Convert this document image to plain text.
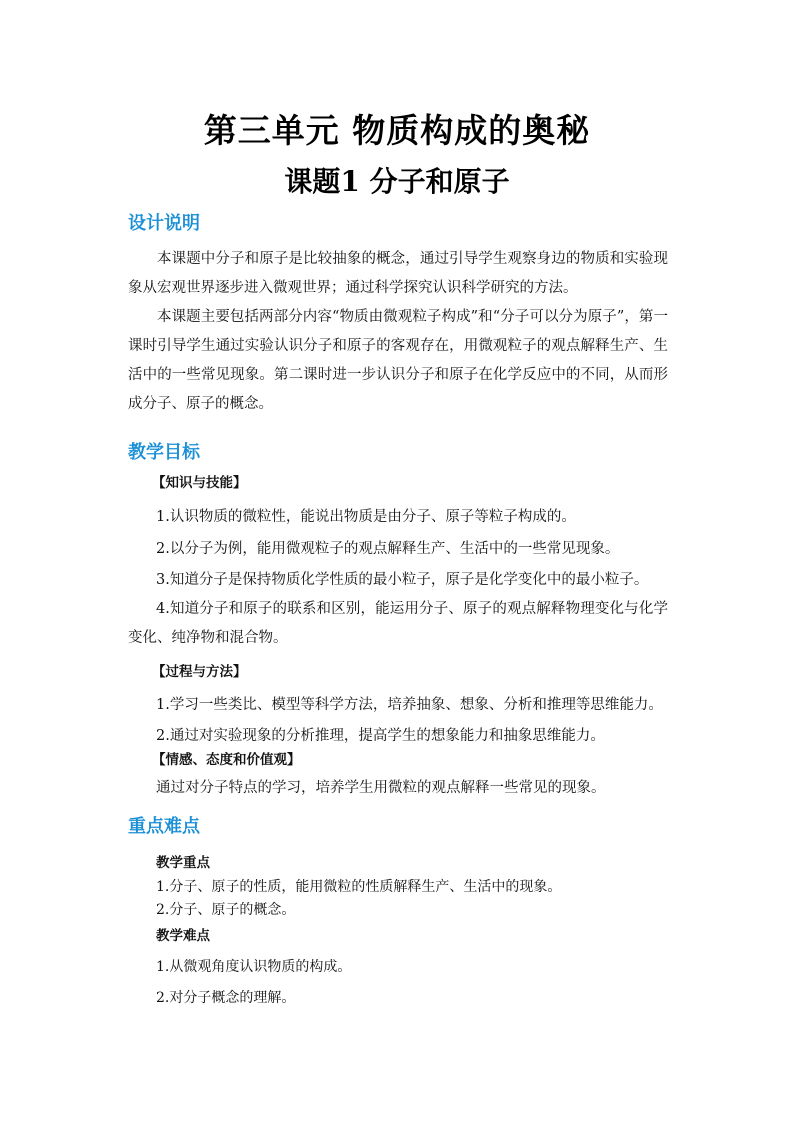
第三单元 物质构成的奥秘
课题1 分子和原子
设计说明

本课题中分子和原子是比较抽象的概念，通过引导学生观察身边的物质和实验现象从宏观世界逐步进入微观世界；通过科学探究认识科学研究的方法。

本课题主要包括两部分内容“物质由微观粒子构成”和“分子可以分为原子”，第一课时引导学生通过实验认识分子和原子的客观存在，用微观粒子的观点解释生产、生活中的一些常见现象。第二课时进一步认识分子和原子在化学反应中的不同，从而形成分子、原子的概念。

教学目标
【知识与技能】
1.认识物质的微粒性，能说出物质是由分子、原子等粒子构成的。
2.以分子为例，能用微观粒子的观点解释生产、生活中的一些常见现象。
3.知道分子是保持物质化学性质的最小粒子，原子是化学变化中的最小粒子。

4.知道分子和原子的联系和区别，能运用分子、原子的观点解释物理变化与化学变化、纯净物和混合物。

【过程与方法】
1.学习一些类比、模型等科学方法，培养抽象、想象、分析和推理等思维能力。
2.通过对实验现象的分析推理，提高学生的想象能力和抽象思维能力。
【情感、态度和价值观】
通过对分子特点的学习，培养学生用微粒的观点解释一些常见的现象。
重点难点
教学重点
1.分子、原子的性质，能用微粒的性质解释生产、生活中的现象。
2.分子、原子的概念。
教学难点
1.从微观角度认识物质的构成。
2.对分子概念的理解。
